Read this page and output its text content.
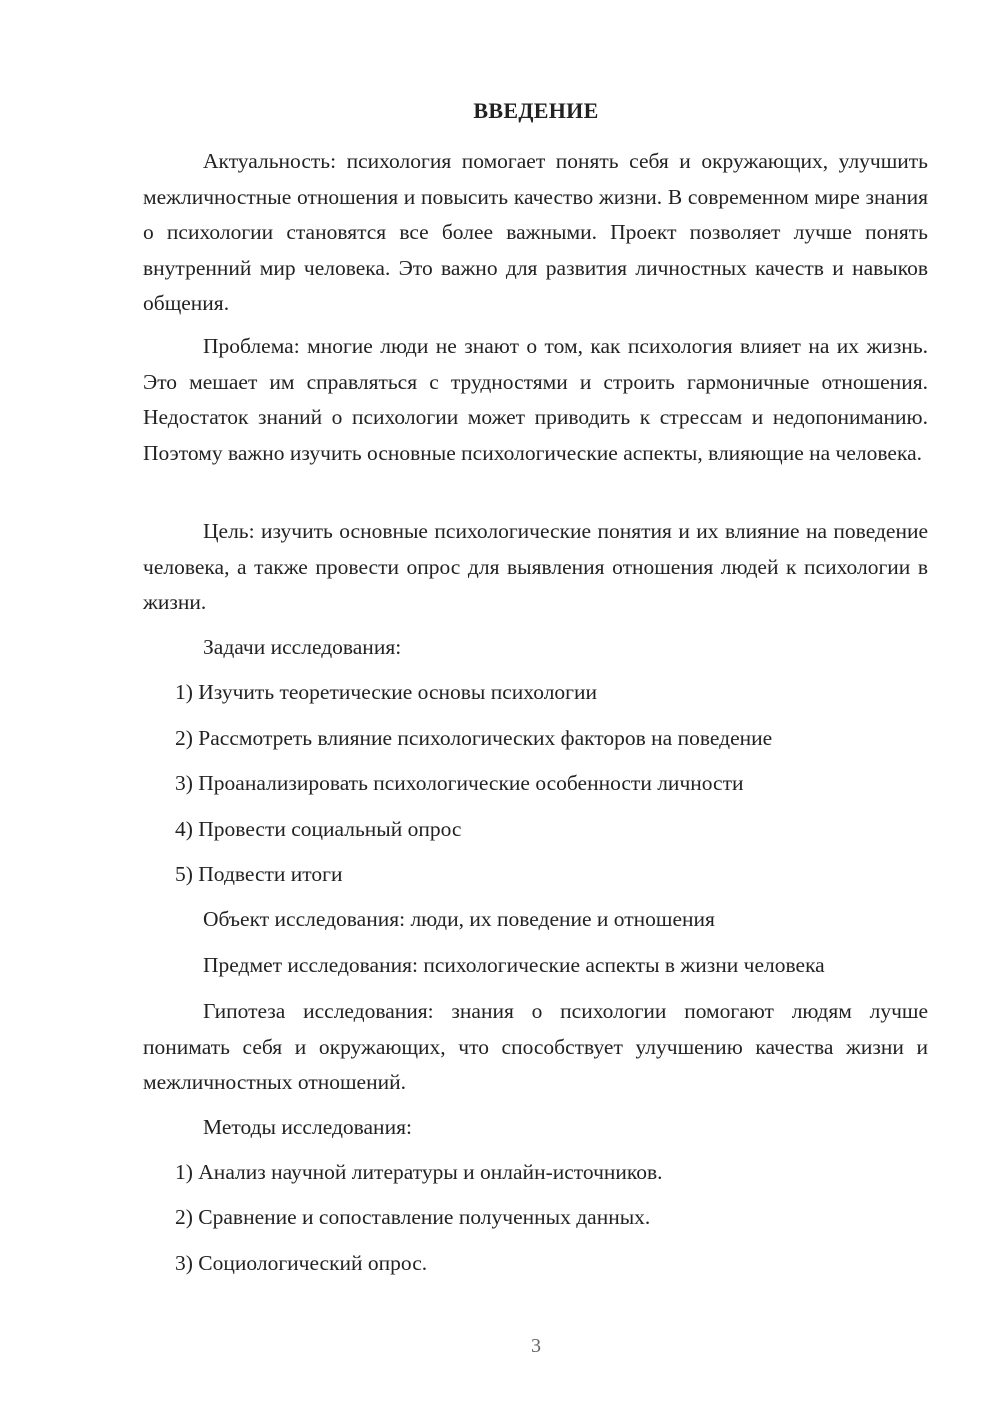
ВВЕДЕНИЕ

Актуальность: психология помогает понять себя и окружающих, улучшить межличностные отношения и повысить качество жизни. В современном мире знания о психологии становятся все более важными. Проект позволяет лучше понять внутренний мир человека. Это важно для развития личностных качеств и навыков общения.

Проблема: многие люди не знают о том, как психология влияет на их жизнь. Это мешает им справляться с трудностями и строить гармоничные отношения. Недостаток знаний о психологии может приводить к стрессам и недопониманию. Поэтому важно изучить основные психологические аспекты, влияющие на человека.

Цель: изучить основные психологические понятия и их влияние на поведение человека, а также провести опрос для выявления отношения людей к психологии в жизни.

Задачи исследования:

1) Изучить теоретические основы психологии

2) Рассмотреть влияние психологических факторов на поведение

3) Проанализировать психологические особенности личности

4) Провести социальный опрос

5) Подвести итоги

Объект исследования: люди, их поведение и отношения

Предмет исследования: психологические аспекты в жизни человека

Гипотеза исследования: знания о психологии помогают людям лучше понимать себя и окружающих, что способствует улучшению качества жизни и межличностных отношений.

Методы исследования:

1) Анализ научной литературы и онлайн-источников.

2) Сравнение и сопоставление полученных данных.

3) Социологический опрос.

3
